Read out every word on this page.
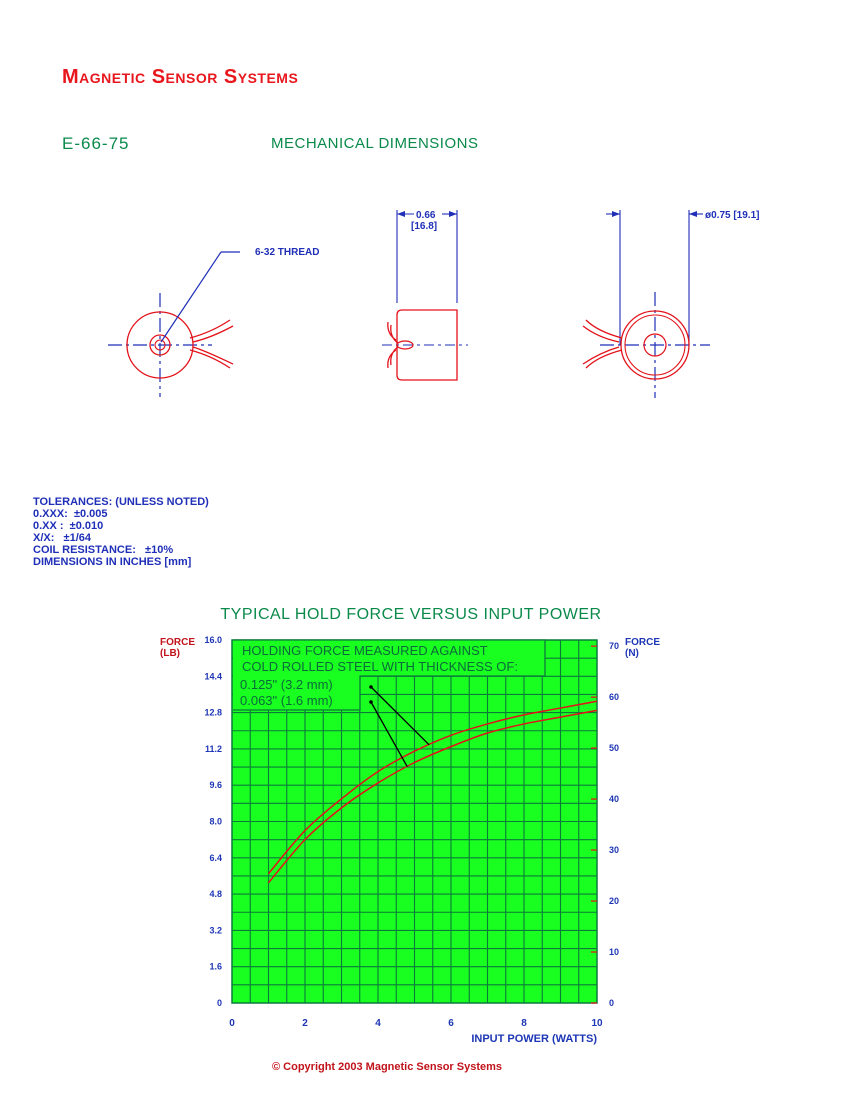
Magnetic Sensor Systems
E-66-75	MECHANICAL DIMENSIONS
6-32 THREAD
0.66
[16.8]
ø0.75 [19.1]
TOLERANCES: (UNLESS NOTED)
0.XXX:  ±0.005
0.XX :  ±0.010
X/X:   ±1/64
COIL RESISTANCE:   ±10%
DIMENSIONS IN INCHES [mm]
TYPICAL HOLD FORCE VERSUS INPUT POWER
FORCE
(LB)
FORCE
(N)
HOLDING FORCE MEASURED AGAINST
COLD ROLLED STEEL WITH THICKNESS OF:
0.125" (3.2 mm)
0.063" (1.6 mm)
0	2	4	6	8	10
0
1.6
3.2
4.8
6.4
8.0
9.6
11.2
12.8
14.4
16.0
0
10
20
30
40
50
60
70
INPUT POWER (WATTS)
© Copyright 2003 Magnetic Sensor Systems
